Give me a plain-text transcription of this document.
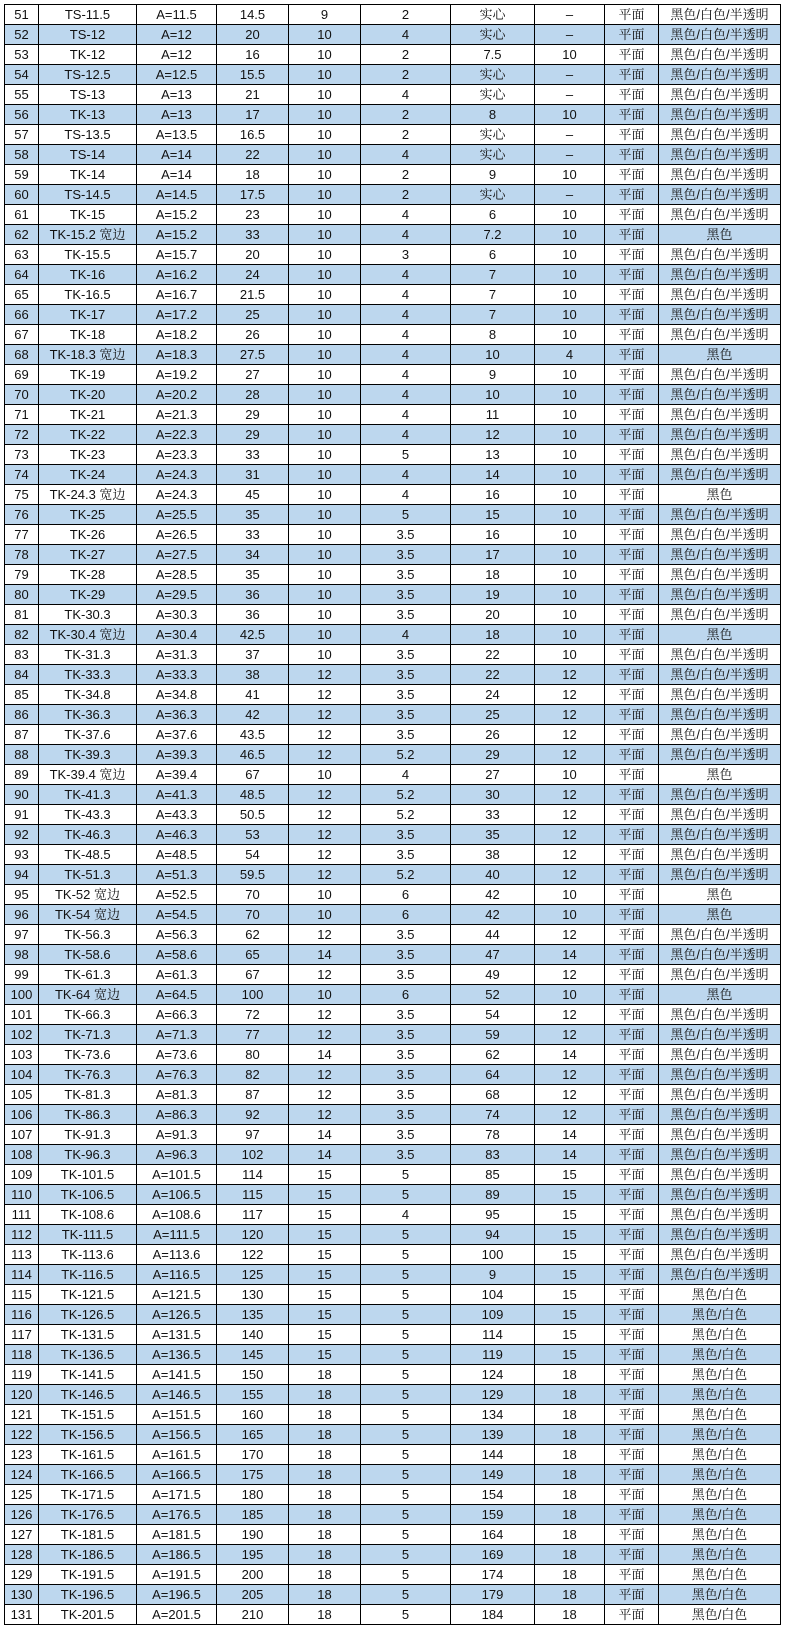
51	TS-11.5	A=11.5	14.5	9	2	实心	–	平面	黑色/白色/半透明
52	TS-12	A=12	20	10	4	实心	–	平面	黑色/白色/半透明
53	TK-12	A=12	16	10	2	7.5	10	平面	黑色/白色/半透明
54	TS-12.5	A=12.5	15.5	10	2	实心	–	平面	黑色/白色/半透明
55	TS-13	A=13	21	10	4	实心	–	平面	黑色/白色/半透明
56	TK-13	A=13	17	10	2	8	10	平面	黑色/白色/半透明
57	TS-13.5	A=13.5	16.5	10	2	实心	–	平面	黑色/白色/半透明
58	TS-14	A=14	22	10	4	实心	–	平面	黑色/白色/半透明
59	TK-14	A=14	18	10	2	9	10	平面	黑色/白色/半透明
60	TS-14.5	A=14.5	17.5	10	2	实心	–	平面	黑色/白色/半透明
61	TK-15	A=15.2	23	10	4	6	10	平面	黑色/白色/半透明
62	TK-15.2 宽边	A=15.2	33	10	4	7.2	10	平面	黑色
63	TK-15.5	A=15.7	20	10	3	6	10	平面	黑色/白色/半透明
64	TK-16	A=16.2	24	10	4	7	10	平面	黑色/白色/半透明
65	TK-16.5	A=16.7	21.5	10	4	7	10	平面	黑色/白色/半透明
66	TK-17	A=17.2	25	10	4	7	10	平面	黑色/白色/半透明
67	TK-18	A=18.2	26	10	4	8	10	平面	黑色/白色/半透明
68	TK-18.3 宽边	A=18.3	27.5	10	4	10	4	平面	黑色
69	TK-19	A=19.2	27	10	4	9	10	平面	黑色/白色/半透明
70	TK-20	A=20.2	28	10	4	10	10	平面	黑色/白色/半透明
71	TK-21	A=21.3	29	10	4	11	10	平面	黑色/白色/半透明
72	TK-22	A=22.3	29	10	4	12	10	平面	黑色/白色/半透明
73	TK-23	A=23.3	33	10	5	13	10	平面	黑色/白色/半透明
74	TK-24	A=24.3	31	10	4	14	10	平面	黑色/白色/半透明
75	TK-24.3 宽边	A=24.3	45	10	4	16	10	平面	黑色
76	TK-25	A=25.5	35	10	5	15	10	平面	黑色/白色/半透明
77	TK-26	A=26.5	33	10	3.5	16	10	平面	黑色/白色/半透明
78	TK-27	A=27.5	34	10	3.5	17	10	平面	黑色/白色/半透明
79	TK-28	A=28.5	35	10	3.5	18	10	平面	黑色/白色/半透明
80	TK-29	A=29.5	36	10	3.5	19	10	平面	黑色/白色/半透明
81	TK-30.3	A=30.3	36	10	3.5	20	10	平面	黑色/白色/半透明
82	TK-30.4 宽边	A=30.4	42.5	10	4	18	10	平面	黑色
83	TK-31.3	A=31.3	37	10	3.5	22	10	平面	黑色/白色/半透明
84	TK-33.3	A=33.3	38	12	3.5	22	12	平面	黑色/白色/半透明
85	TK-34.8	A=34.8	41	12	3.5	24	12	平面	黑色/白色/半透明
86	TK-36.3	A=36.3	42	12	3.5	25	12	平面	黑色/白色/半透明
87	TK-37.6	A=37.6	43.5	12	3.5	26	12	平面	黑色/白色/半透明
88	TK-39.3	A=39.3	46.5	12	5.2	29	12	平面	黑色/白色/半透明
89	TK-39.4 宽边	A=39.4	67	10	4	27	10	平面	黑色
90	TK-41.3	A=41.3	48.5	12	5.2	30	12	平面	黑色/白色/半透明
91	TK-43.3	A=43.3	50.5	12	5.2	33	12	平面	黑色/白色/半透明
92	TK-46.3	A=46.3	53	12	3.5	35	12	平面	黑色/白色/半透明
93	TK-48.5	A=48.5	54	12	3.5	38	12	平面	黑色/白色/半透明
94	TK-51.3	A=51.3	59.5	12	5.2	40	12	平面	黑色/白色/半透明
95	TK-52 宽边	A=52.5	70	10	6	42	10	平面	黑色
96	TK-54 宽边	A=54.5	70	10	6	42	10	平面	黑色
97	TK-56.3	A=56.3	62	12	3.5	44	12	平面	黑色/白色/半透明
98	TK-58.6	A=58.6	65	14	3.5	47	14	平面	黑色/白色/半透明
99	TK-61.3	A=61.3	67	12	3.5	49	12	平面	黑色/白色/半透明
100	TK-64 宽边	A=64.5	100	10	6	52	10	平面	黑色
101	TK-66.3	A=66.3	72	12	3.5	54	12	平面	黑色/白色/半透明
102	TK-71.3	A=71.3	77	12	3.5	59	12	平面	黑色/白色/半透明
103	TK-73.6	A=73.6	80	14	3.5	62	14	平面	黑色/白色/半透明
104	TK-76.3	A=76.3	82	12	3.5	64	12	平面	黑色/白色/半透明
105	TK-81.3	A=81.3	87	12	3.5	68	12	平面	黑色/白色/半透明
106	TK-86.3	A=86.3	92	12	3.5	74	12	平面	黑色/白色/半透明
107	TK-91.3	A=91.3	97	14	3.5	78	14	平面	黑色/白色/半透明
108	TK-96.3	A=96.3	102	14	3.5	83	14	平面	黑色/白色/半透明
109	TK-101.5	A=101.5	114	15	5	85	15	平面	黑色/白色/半透明
110	TK-106.5	A=106.5	115	15	5	89	15	平面	黑色/白色/半透明
111	TK-108.6	A=108.6	117	15	4	95	15	平面	黑色/白色/半透明
112	TK-111.5	A=111.5	120	15	5	94	15	平面	黑色/白色/半透明
113	TK-113.6	A=113.6	122	15	5	100	15	平面	黑色/白色/半透明
114	TK-116.5	A=116.5	125	15	5	9	15	平面	黑色/白色/半透明
115	TK-121.5	A=121.5	130	15	5	104	15	平面	黑色/白色
116	TK-126.5	A=126.5	135	15	5	109	15	平面	黑色/白色
117	TK-131.5	A=131.5	140	15	5	114	15	平面	黑色/白色
118	TK-136.5	A=136.5	145	15	5	119	15	平面	黑色/白色
119	TK-141.5	A=141.5	150	18	5	124	18	平面	黑色/白色
120	TK-146.5	A=146.5	155	18	5	129	18	平面	黑色/白色
121	TK-151.5	A=151.5	160	18	5	134	18	平面	黑色/白色
122	TK-156.5	A=156.5	165	18	5	139	18	平面	黑色/白色
123	TK-161.5	A=161.5	170	18	5	144	18	平面	黑色/白色
124	TK-166.5	A=166.5	175	18	5	149	18	平面	黑色/白色
125	TK-171.5	A=171.5	180	18	5	154	18	平面	黑色/白色
126	TK-176.5	A=176.5	185	18	5	159	18	平面	黑色/白色
127	TK-181.5	A=181.5	190	18	5	164	18	平面	黑色/白色
128	TK-186.5	A=186.5	195	18	5	169	18	平面	黑色/白色
129	TK-191.5	A=191.5	200	18	5	174	18	平面	黑色/白色
130	TK-196.5	A=196.5	205	18	5	179	18	平面	黑色/白色
131	TK-201.5	A=201.5	210	18	5	184	18	平面	黑色/白色
